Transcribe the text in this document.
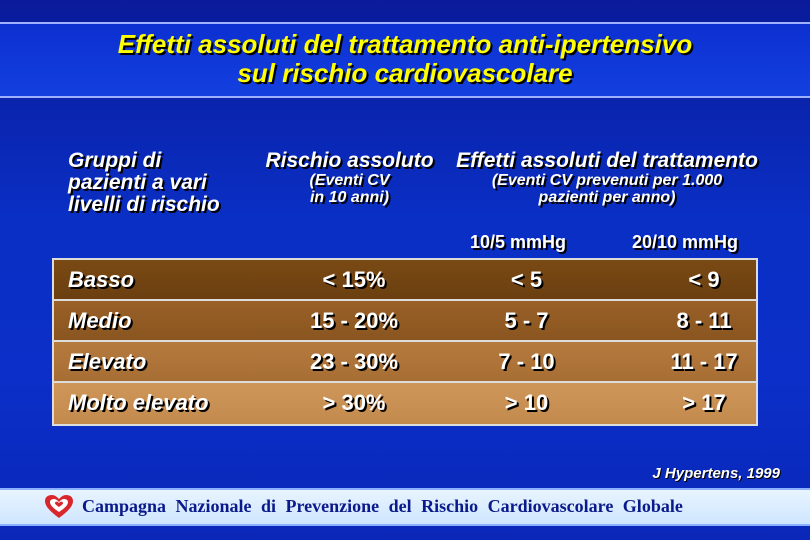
Effetti assoluti del trattamento anti-ipertensivo
sul rischio cardiovascolare
Gruppi di
pazienti a vari
livelli di rischio
Rischio assoluto
(Eventi CV
in 10 anni)
Effetti assoluti del trattamento
(Eventi CV prevenuti per 1.000
pazienti per anno)
10/5 mmHg	20/10 mmHg
Basso	< 15%	< 5	< 9
Medio	15 - 20%	5 - 7	8 - 11
Elevato	23 - 30%	7 - 10	11 - 17
Molto elevato	> 30%	> 10	> 17
J Hypertens, 1999
Campagna Nazionale di Prevenzione del Rischio Cardiovascolare Globale
